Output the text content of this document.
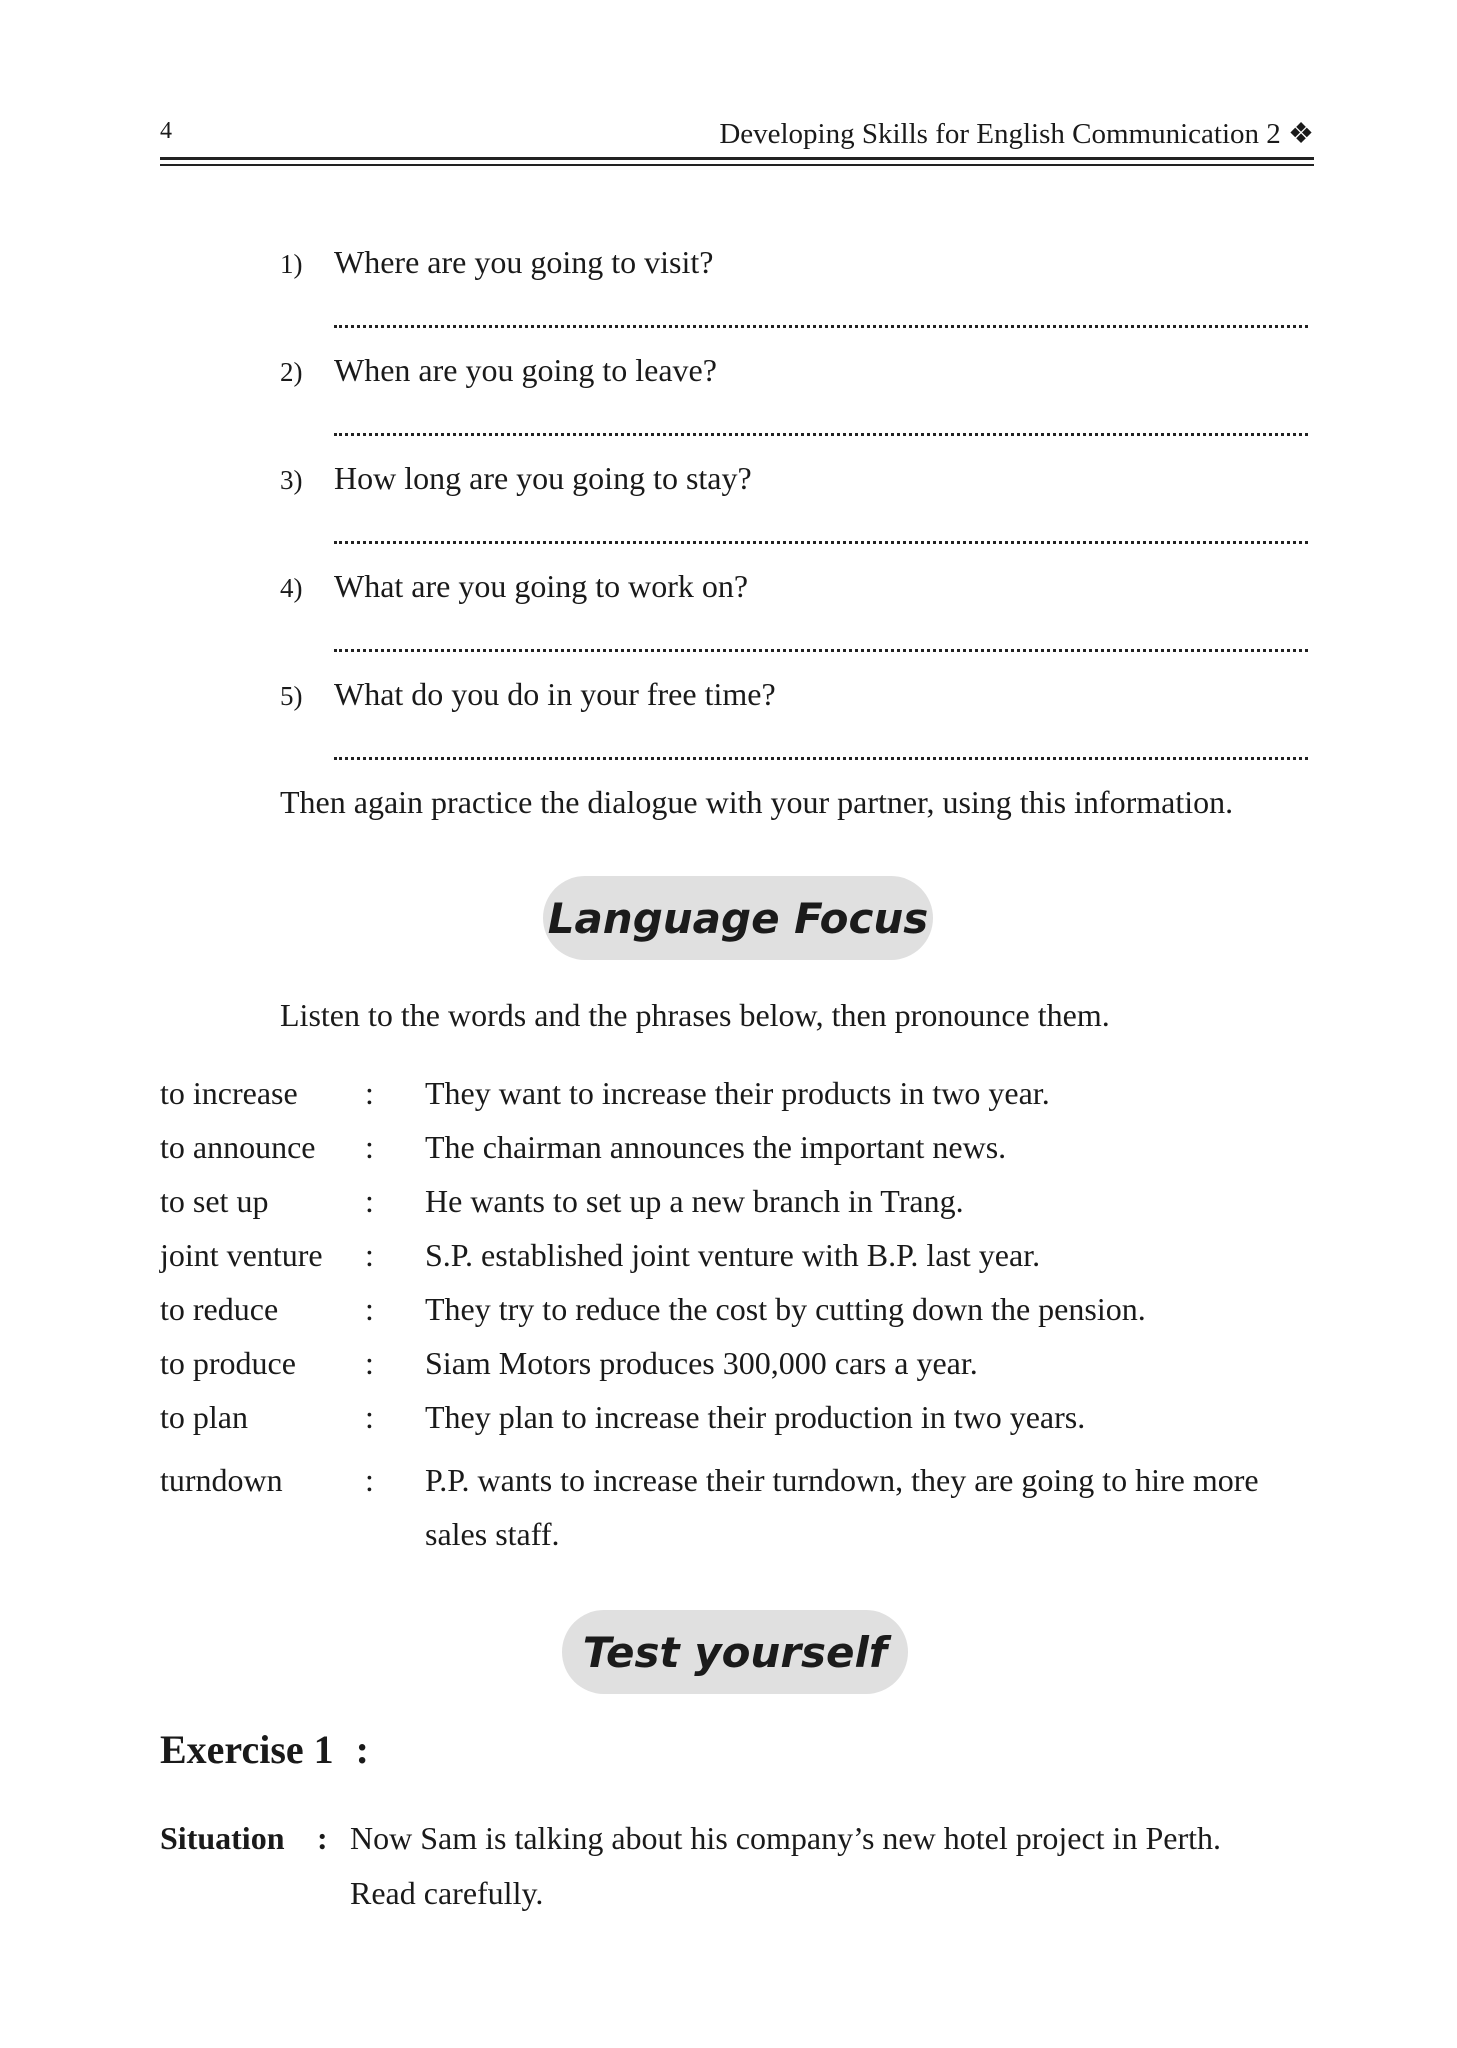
4	Developing Skills for English Communication 2 ❖
1) Where are you going to visit?
2) When are you going to leave?
3) How long are you going to stay?
4) What are you going to work on?
5) What do you do in your free time?
Then again practice the dialogue with your partner, using this information.
Language Focus
Listen to the words and the phrases below, then pronounce them.
to increase	:	They want to increase their products in two year.
to announce	:	The chairman announces the important news.
to set up	:	He wants to set up a new branch in Trang.
joint venture	:	S.P. established joint venture with B.P. last year.
to reduce	:	They try to reduce the cost by cutting down the pension.
to produce	:	Siam Motors produces 300,000 cars a year.
to plan	:	They plan to increase their production in two years.
turndown	:	P.P. wants to increase their turndown, they are going to hire more sales staff.
Test yourself
Exercise 1 :
Situation : Now Sam is talking about his company’s new hotel project in Perth.
Read carefully.
